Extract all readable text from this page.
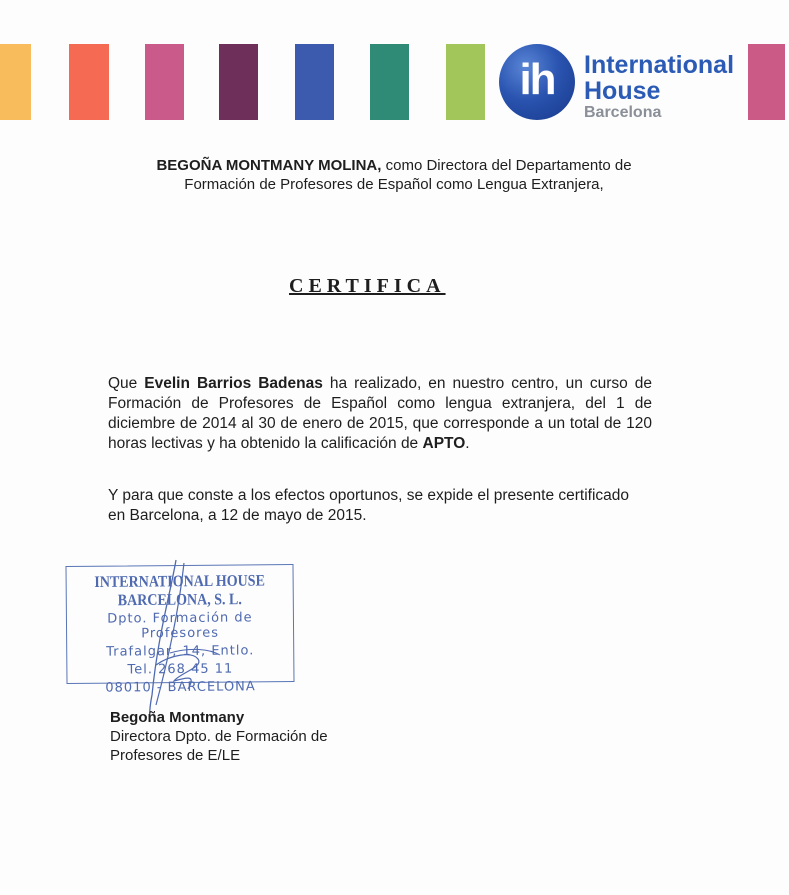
ih International
House
Barcelona
BEGOÑA MONTMANY MOLINA, como Directora del Departamento de
Formación de Profesores de Español como Lengua Extranjera,
CERTIFICA
Que Evelin Barrios Badenas ha realizado, en nuestro centro, un curso de Formación de Profesores de Español como lengua extranjera, del 1 de diciembre de 2014 al 30 de enero de 2015, que corresponde a un total de 120 horas lectivas y ha obtenido la calificación de APTO.
Y para que conste a los efectos oportunos, se expide el presente certificado
en Barcelona, a 12 de mayo de 2015.
INTERNATIONAL HOUSE BARCELONA, S. L.
Dpto. Formación de Profesores
Trafalgar, 14, Entlo.
Tel. 268 45 11
08010 - BARCELONA
Begoña Montmany
Directora Dpto. de Formación de
Profesores de E/LE
